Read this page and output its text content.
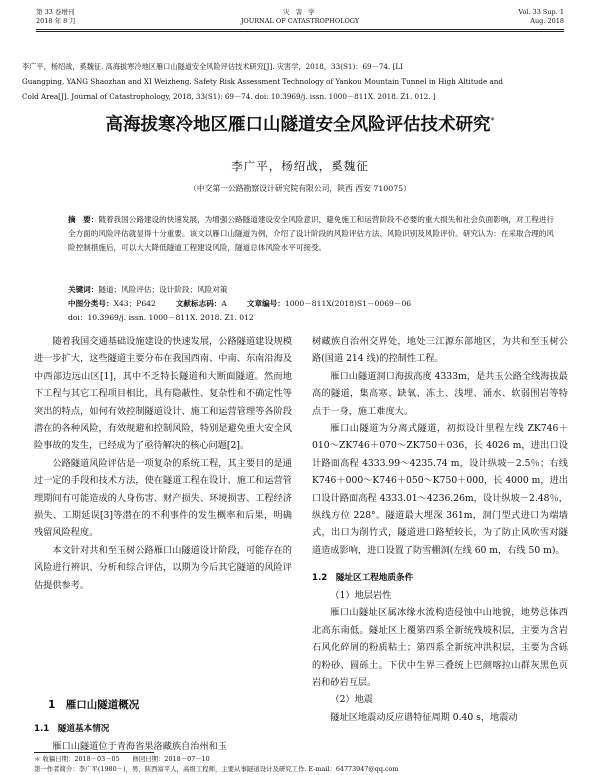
第 33 卷增刊
2018 年 8 月
灾 害 学
JOURNAL OF CATASTROPHOLOGY
Vol. 33 Sup. 1
Aug. 2018
李广平，杨绍战，奚魏征. 高海拔寒冷地区雁口山隧道安全风险评估技术研究[J]. 灾害学，2018，33(S1)：69－74. [LI
Guangping, YANG Shaozhan and XI Weizheng. Safety Risk Assessment Technology of Yankou Mountain Tunnel in High Altitude and
Cold Area[J]. Journal of Catastrophology, 2018, 33(S1): 69－74. doi: 10.3969/j. issn. 1000－811X. 2018. Z1. 012. ]
高海拔寒冷地区雁口山隧道安全风险评估技术研究*
李广平，杨绍战，奚魏征
（中交第一公路勘察设计研究院有限公司，陕西 西安 710075）
摘　要：随着我国公路建设的快速发展，为增强公路隧道建设安全风险意识，避免施工和运营阶段不必要的重大损失和社会负面影响，对工程进行全方面的风险评估就显得十分重要。该文以雁口山隧道为例，介绍了设计阶段的风险评估方法、风险识别及风险评价。研究认为：在采取合理的风险控制措施后，可以大大降低隧道工程建设风险，隧道总体风险水平可接受。
关键词：隧道；风险评估；设计阶段；风险对策
中图分类号：X43；P642	文献标志码：A	文章编号：1000－811X(2018)S1－0069－06
doi：10.3969/j. issn. 1000－811X. 2018. Z1. 012

随着我国交通基础设施建设的快速发展，公路隧道建设规模进一步扩大，这些隧道主要分布在我国西南、中南、东南沿海及中西部边远山区[1]，其中不乏特长隧道和大断面隧道。然而地下工程与其它工程项目相比，具有隐蔽性、复杂性和不确定性等突出的特点，如何有效控制隧道设计、施工和运营管理等各阶段潜在的各种风险，有效规避和控制风险，特别是避免重大安全风险事故的发生，已经成为了亟待解决的核心问题[2]。

公路隧道风险评估是一项复杂的系统工程，其主要目的是通过一定的手段和技术方法，使在隧道工程在设计、施工和运营管理期间有可能造成的人身伤害、财产损失、环境损害、工程经济损失、工期延误[3]等潜在的不利事件的发生概率和后果，明确残留风险程度。

本文针对共和至玉树公路雁口山隧道设计阶段，可能存在的风险进行辨识、分析和综合评估，以期为今后其它隧道的风险评估提供参考。

1　雁口山隧道概况
1.1　隧道基本情况

雁口山隧道位于青海省果洛藏族自治州和玉

树藏族自治州交界处，地处三江源东部地区，为共和至玉树公路(国道 214 线)的控制性工程。

雁口山隧道洞口海拔高度 4333m，是共玉公路全线海拔最高的隧道，集高寒、缺氧、冻土、浅埋、涌水、软弱围岩等特点于一身，施工难度大。

雁口山隧道为分离式隧道，初拟设计里程左线 ZK746＋010～ZK746＋070～ZK750＋036，长 4026 m，进出口设计路面高程 4333.99～4235.74 m，设计纵坡－2.5％；右线 K746＋000～K746＋050～K750＋000，长 4000 m，进出口设计路面高程 4333.01～4236.26m，设计纵坡－2.48％，纵线方位 228°。隧道最大埋深 361m，洞门型式进口为端墙式，出口为削竹式，隧道进口路堑较长，为了防止风吹雪对隧道造成影响，进口设置了防雪棚洞(左线 60 m，右线 50 m)。

1.2　隧址区工程地质条件

（1）地层岩性

雁口山隧址区属冰缘水流构造侵蚀中山地貌，地势总体西北高东南低。隧址区上覆第四系全新统残坡积层，主要为含岩石风化碎屑的粉质粘土；第四系全新统冲洪积层，主要为含砾的粉砂、圆砾土。下伏中生界三叠统上巴颜喀拉山群灰黑色页岩和砂岩互层。

（2）地震

隧址区地震动反应谱特征周期 0.40 s，地震动

＊ 收稿日期：2018－03－05　　修回日期：2018－07－10
第一作者简介：李广平(1980－)，男，陕西富平人，高级工程师，主要从事隧道设计及研究工作. E-mail：64773947@qq.com
